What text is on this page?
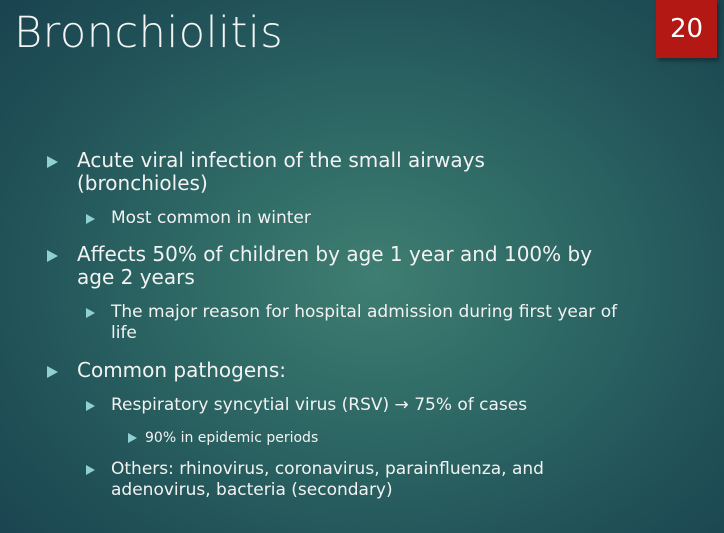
Bronchiolitis	20
Acute viral infection of the small airways (bronchioles)
Most common in winter
Affects 50% of children by age 1 year and 100% by age 2 years
The major reason for hospital admission during first year of life
Common pathogens:
Respiratory syncytial virus (RSV) → 75% of cases
90% in epidemic periods
Others: rhinovirus, coronavirus, parainfluenza, and adenovirus, bacteria (secondary)
